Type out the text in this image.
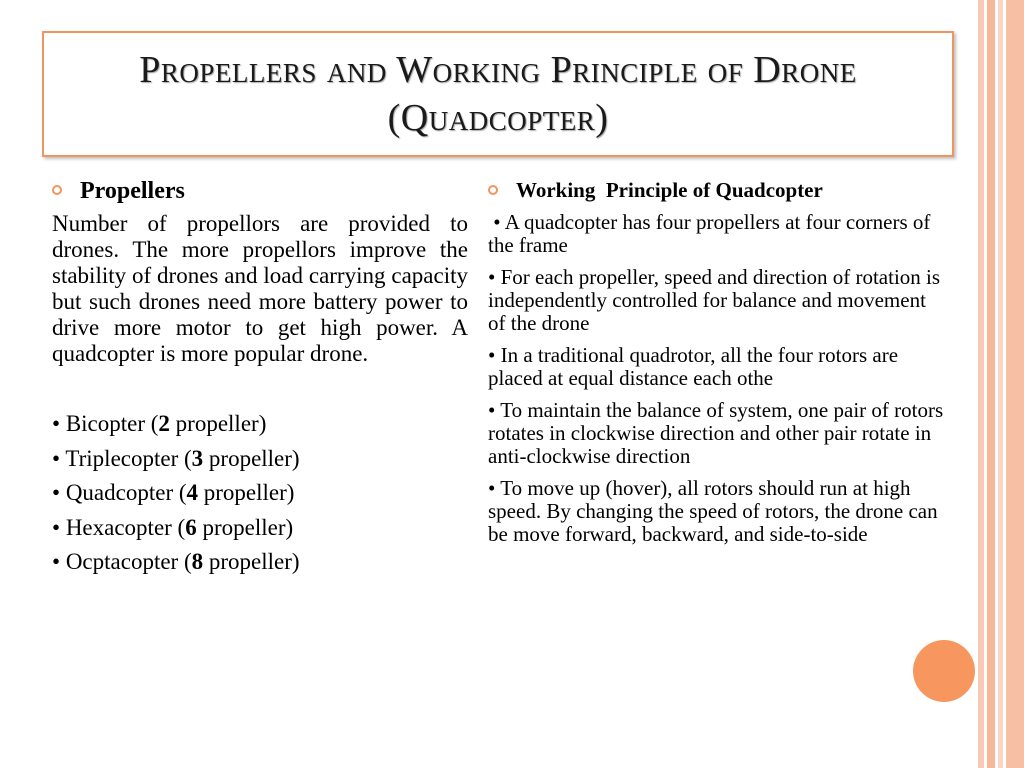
Propellers and Working Principle of Drone (Quadcopter)
Propellers

Number of propellors are provided to drones. The more propellors improve the stability of drones and load carrying capacity but such drones need more battery power to drive more motor to get high power. A quadcopter is more popular drone.

• Bicopter (2 propeller)
• Triplecopter (3 propeller)
• Quadcopter (4 propeller)
• Hexacopter (6 propeller)
• Ocptacopter (8 propeller)
Working  Principle of Quadcopter
• A quadcopter has four propellers at four corners of the frame
• For each propeller, speed and direction of rotation is independently controlled for balance and movement of the drone
• In a traditional quadrotor, all the four rotors are placed at equal distance each othe
• To maintain the balance of system, one pair of rotors rotates in clockwise direction and other pair rotate in anti-clockwise direction
• To move up (hover), all rotors should run at high speed. By changing the speed of rotors, the drone can be move forward, backward, and side-to-side
